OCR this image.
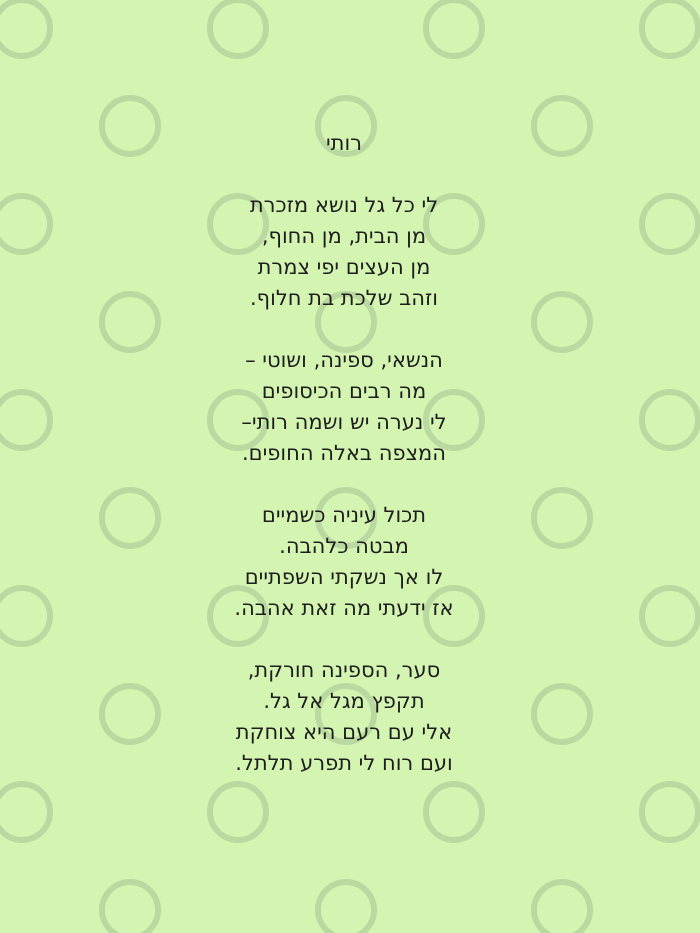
רותי
לי כל גל נושא מזכרת
מן הבית, מן החוף,
מן העצים יפי צמרת
וזהב שלכת בת חלוף.
הנשאי, ספינה, ושוטי –
מה רבים הכיסופים
לי נערה יש ושמה רותי–
המצפה באלה החופים.
תכול עיניה כשמיים
מבטה כלהבה.
לו אך נשקתי השפתיים
אז ידעתי מה זאת אהבה.
סער, הספינה חורקת,
תקפץ מגל אל גל.
אלי עם רעם היא צוחקת
ועם רוח לי תפרע תלתל.
